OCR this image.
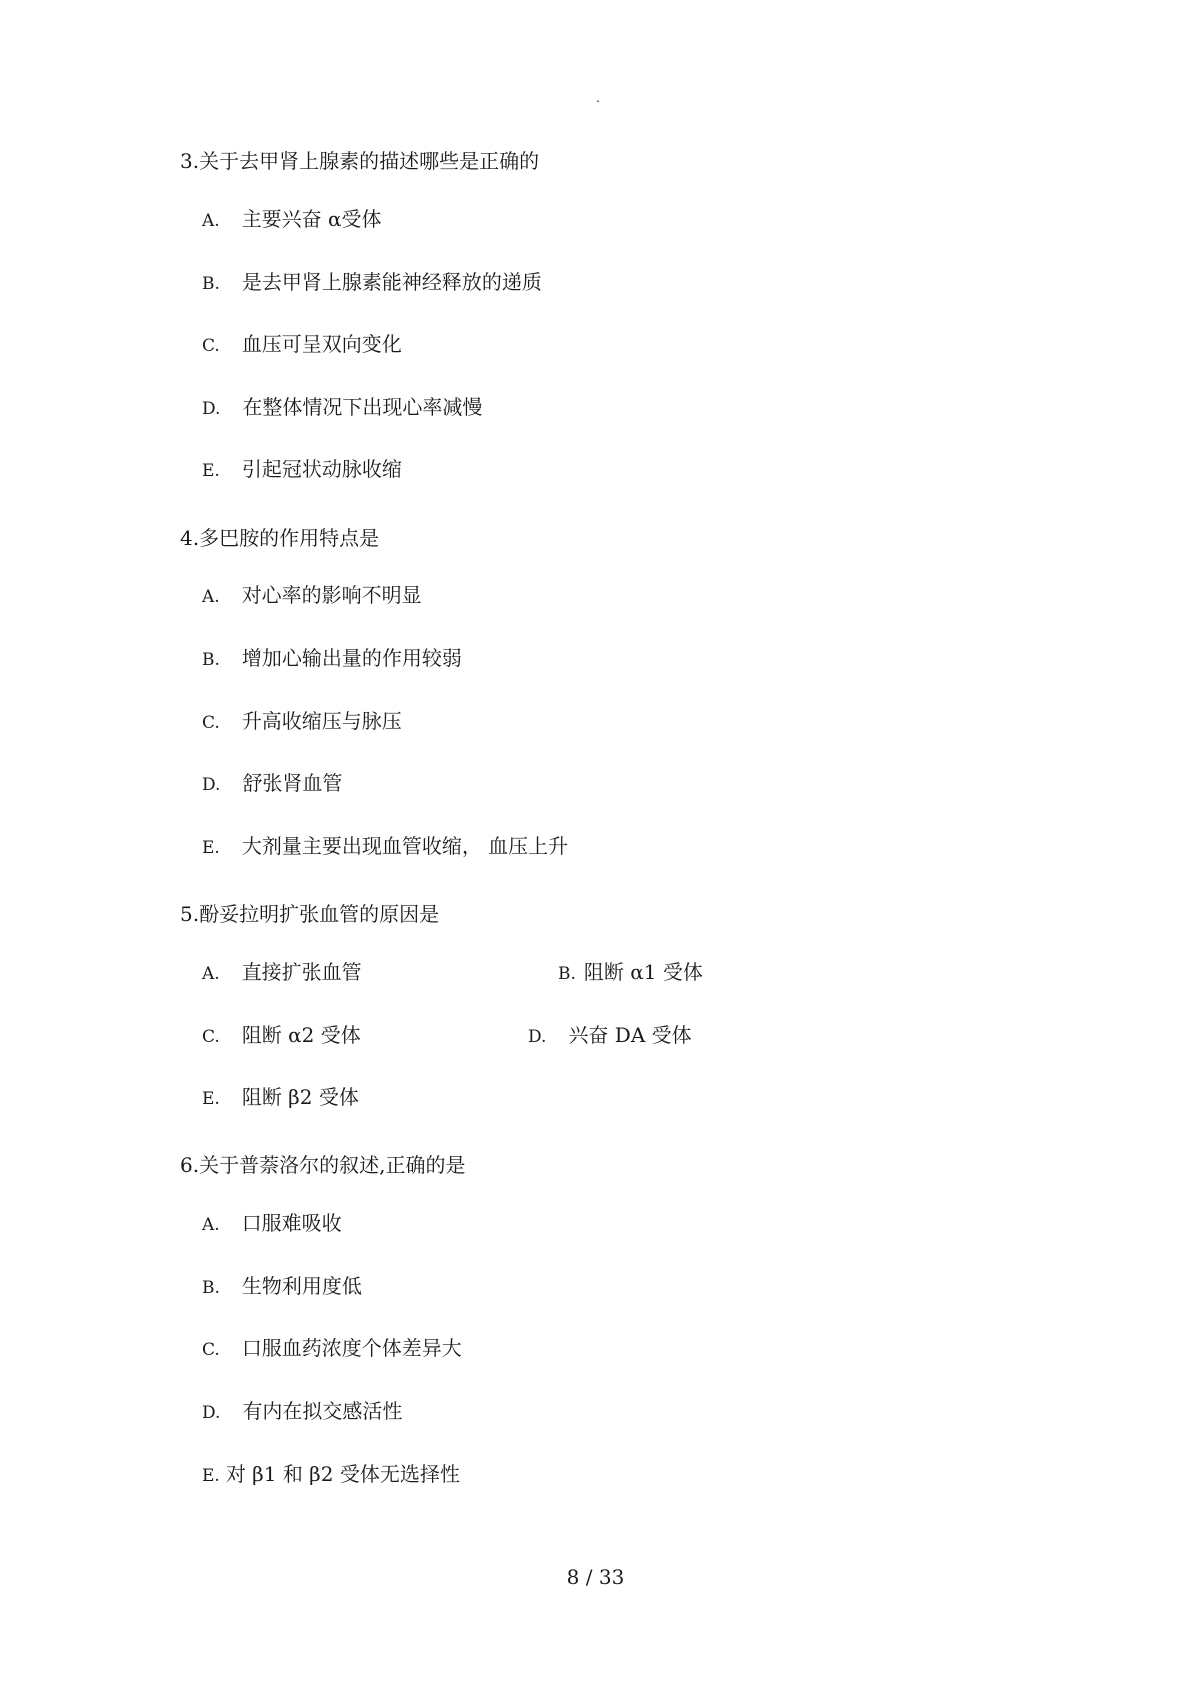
.
3.关于去甲肾上腺素的描述哪些是正确的
A. 主要兴奋 α受体
B. 是去甲肾上腺素能神经释放的递质
C. 血压可呈双向变化
D. 在整体情况下出现心率减慢
E. 引起冠状动脉收缩
4.多巴胺的作用特点是
A. 对心率的影响不明显
B. 增加心输出量的作用较弱
C. 升高收缩压与脉压
D. 舒张肾血管
E. 大剂量主要出现血管收缩， 血压上升
5.酚妥拉明扩张血管的原因是
A. 直接扩张血管	B. 阻断 α1 受体
C. 阻断 α2 受体	D. 兴奋 DA 受体
E. 阻断 β2 受体
6.关于普萘洛尔的叙述,正确的是
A. 口服难吸收
B. 生物利用度低
C. 口服血药浓度个体差异大
D. 有内在拟交感活性
E. 对 β1 和 β2 受体无选择性
8 / 33
